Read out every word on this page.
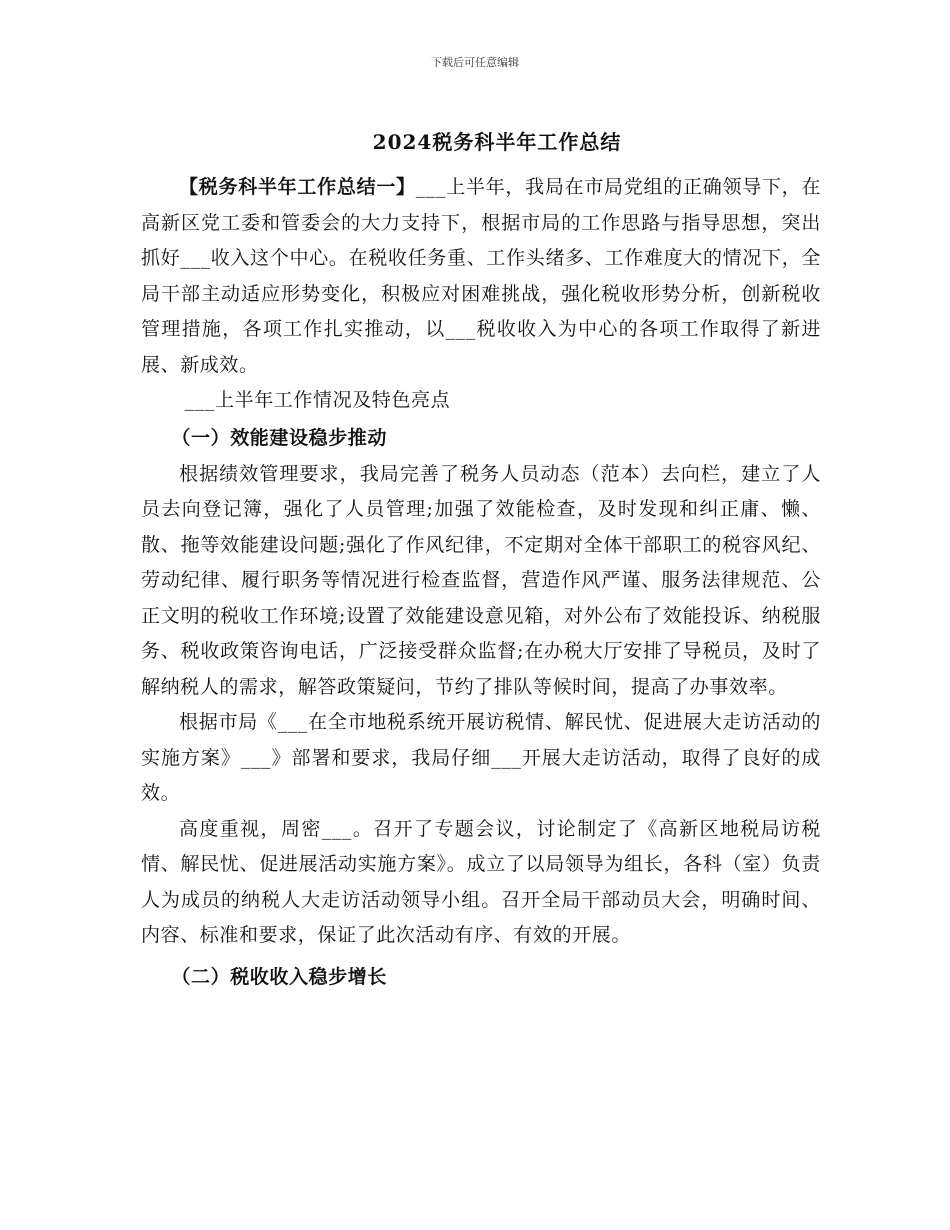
下载后可任意编辑
2024税务科半年工作总结

【税务科半年工作总结一】___上半年，我局在市局党组的正确领导下，在高新区党工委和管委会的大力支持下，根据市局的工作思路与指导思想，突出抓好___收入这个中心。在税收任务重、工作头绪多、工作难度大的情况下，全局干部主动适应形势变化，积极应对困难挑战，强化税收形势分析，创新税收管理措施，各项工作扎实推动，以___税收收入为中心的各项工作取得了新进展、新成效。

___上半年工作情况及特色亮点

（一）效能建设稳步推动

根据绩效管理要求，我局完善了税务人员动态（范本）去向栏，建立了人员去向登记簿，强化了人员管理;加强了效能检查，及时发现和纠正庸、懒、散、拖等效能建设问题;强化了作风纪律，不定期对全体干部职工的税容风纪、劳动纪律、履行职务等情况进行检查监督，营造作风严谨、服务法律规范、公正文明的税收工作环境;设置了效能建设意见箱，对外公布了效能投诉、纳税服务、税收政策咨询电话，广泛接受群众监督;在办税大厅安排了导税员，及时了解纳税人的需求，解答政策疑问，节约了排队等候时间，提高了办事效率。

根据市局《___在全市地税系统开展访税情、解民忧、促进展大走访活动的实施方案》___》部署和要求，我局仔细___开展大走访活动，取得了良好的成效。

高度重视，周密___。召开了专题会议，讨论制定了《高新区地税局访税情、解民忧、促进展活动实施方案》。成立了以局领导为组长，各科（室）负责人为成员的纳税人大走访活动领导小组。召开全局干部动员大会，明确时间、内容、标准和要求，保证了此次活动有序、有效的开展。

（二）税收收入稳步增长
